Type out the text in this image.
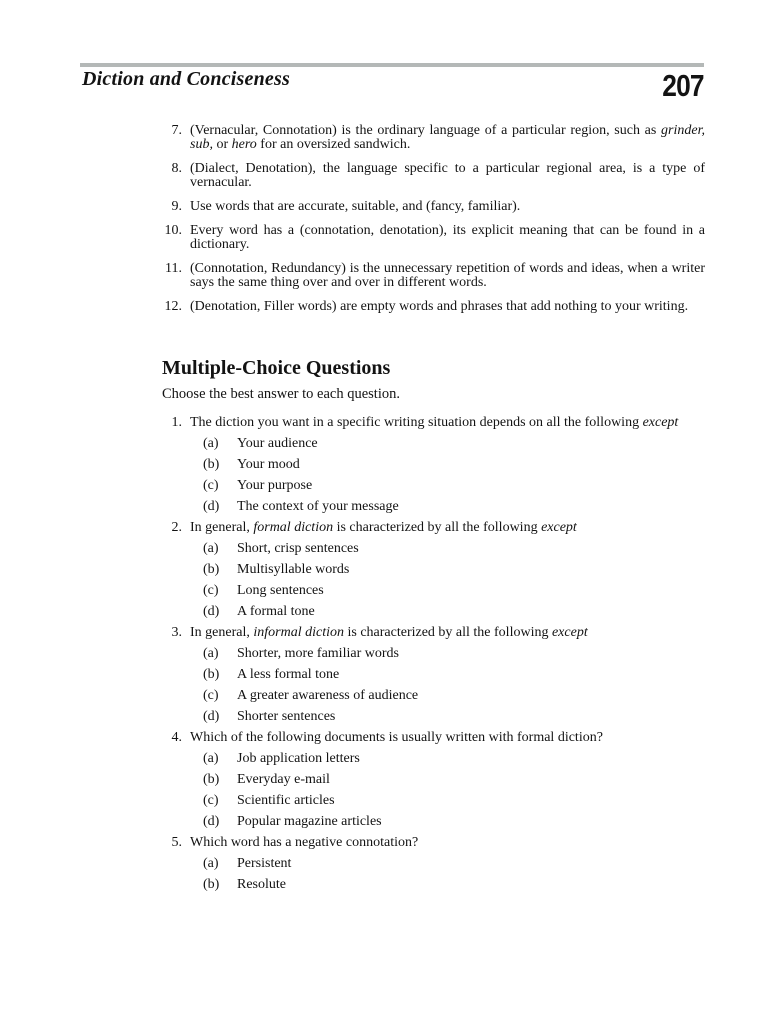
Diction and Conciseness	207
7. (Vernacular, Connotation) is the ordinary language of a particular region, such as grinder, sub, or hero for an oversized sandwich.
8. (Dialect, Denotation), the language specific to a particular regional area, is a type of vernacular.
9. Use words that are accurate, suitable, and (fancy, familiar).
10. Every word has a (connotation, denotation), its explicit meaning that can be found in a dictionary.
11. (Connotation, Redundancy) is the unnecessary repetition of words and ideas, when a writer says the same thing over and over in different words.
12. (Denotation, Filler words) are empty words and phrases that add nothing to your writing.
Multiple-Choice Questions
Choose the best answer to each question.
1. The diction you want in a specific writing situation depends on all the following except
(a)	Your audience
(b)	Your mood
(c)	Your purpose
(d)	The context of your message
2. In general, formal diction is characterized by all the following except
(a)	Short, crisp sentences
(b)	Multisyllable words
(c)	Long sentences
(d)	A formal tone
3. In general, informal diction is characterized by all the following except
(a)	Shorter, more familiar words
(b)	A less formal tone
(c)	A greater awareness of audience
(d)	Shorter sentences
4. Which of the following documents is usually written with formal diction?
(a)	Job application letters
(b)	Everyday e-mail
(c)	Scientific articles
(d)	Popular magazine articles
5. Which word has a negative connotation?
(a)	Persistent
(b)	Resolute
